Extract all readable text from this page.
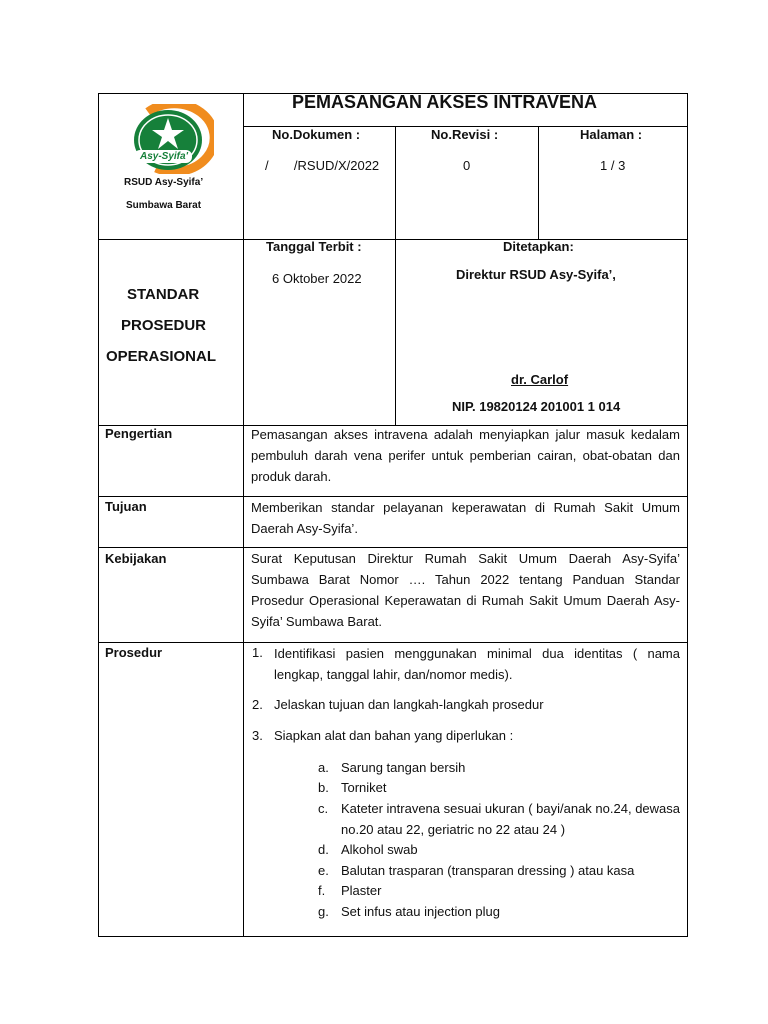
Asy-Syifa'
RSUD Asy-Syifa’
Sumbawa Barat
PEMASANGAN AKSES INTRAVENA
No.Dokumen :
/       /RSUD/X/2022
No.Revisi :
0
Halaman :
1 / 3
STANDAR
PROSEDUR
OPERASIONAL
Tanggal Terbit :
6 Oktober 2022
Ditetapkan:
Direktur RSUD Asy-Syifa’,
dr. Carlof
NIP. 19820124 201001 1 014
Pengertian	Pemasangan akses intravena adalah menyiapkan jalur masuk kedalam pembuluh darah vena perifer untuk pemberian cairan, obat-obatan dan produk darah.
Tujuan	Memberikan standar pelayanan keperawatan di Rumah Sakit Umum Daerah Asy-Syifa’.
Kebijakan	Surat Keputusan Direktur Rumah Sakit Umum Daerah Asy-Syifa’ Sumbawa Barat Nomor …. Tahun 2022 tentang Panduan Standar Prosedur Operasional Keperawatan di Rumah Sakit Umum Daerah Asy-Syifa’ Sumbawa Barat.
Prosedur	1. Identifikasi pasien menggunakan minimal dua identitas ( nama lengkap, tanggal lahir, dan/nomor medis).
2. Jelaskan tujuan dan langkah-langkah prosedur
3. Siapkan alat dan bahan yang diperlukan :
a. Sarung tangan bersih
b. Torniket
c. Kateter intravena sesuai ukuran ( bayi/anak no.24, dewasa no.20 atau 22, geriatric no 22 atau 24 )
d. Alkohol swab
e. Balutan trasparan (transparan dressing ) atau kasa
f. Plaster
g. Set infus atau injection plug
